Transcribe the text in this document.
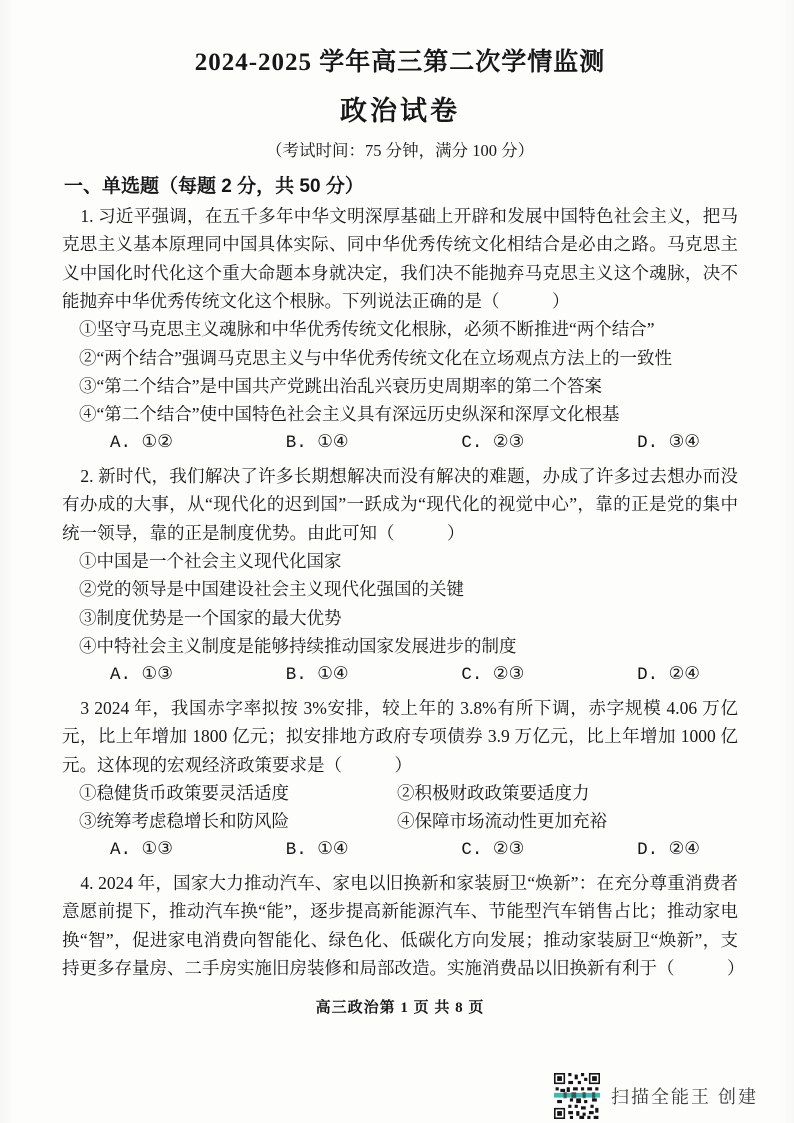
2024-2025 学年高三第二次学情监测
政治试卷

（考试时间：75 分钟，满分 100 分）

一、单选题（每题 2 分，共 50 分）

1. 习近平强调，在五千多年中华文明深厚基础上开辟和发展中国特色社会主义，把马克思主义基本原理同中国具体实际、同中华优秀传统文化相结合是必由之路。马克思主义中国化时代化这个重大命题本身就决定，我们决不能抛弃马克思主义这个魂脉，决不能抛弃中华优秀传统文化这个根脉。下列说法正确的是（　　　）

①坚守马克思主义魂脉和中华优秀传统文化根脉，必须不断推进“两个结合”

②“两个结合”强调马克思主义与中华优秀传统文化在立场观点方法上的一致性

③“第二个结合”是中国共产党跳出治乱兴衰历史周期率的第二个答案

④“第二个结合”使中国特色社会主义具有深远历史纵深和深厚文化根基

A. ①②	B. ①④	C. ②③	D. ③④

2. 新时代，我们解决了许多长期想解决而没有解决的难题，办成了许多过去想办而没有办成的大事，从“现代化的迟到国”一跃成为“现代化的视觉中心”，靠的正是党的集中统一领导，靠的正是制度优势。由此可知（　　　）

①中国是一个社会主义现代化国家

②党的领导是中国建设社会主义现代化强国的关键

③制度优势是一个国家的最大优势

④中特社会主义制度是能够持续推动国家发展进步的制度

A. ①③	B. ①④	C. ②③	D. ②④

3 2024 年，我国赤字率拟按 3%安排，较上年的 3.8%有所下调，赤字规模 4.06 万亿元，比上年增加 1800 亿元；拟安排地方政府专项债券 3.9 万亿元，比上年增加 1000 亿元。这体现的宏观经济政策要求是（　　　）

①稳健货币政策要灵活适度	②积极财政政策要适度力

③统筹考虑稳增长和防风险	④保障市场流动性更加充裕

A. ①③	B. ①④	C. ②③	D. ②④

4. 2024 年，国家大力推动汽车、家电以旧换新和家装厨卫“焕新”：在充分尊重消费者意愿前提下，推动汽车换“能”，逐步提高新能源汽车、节能型汽车销售占比；推动家电换“智”，促进家电消费向智能化、绿色化、低碳化方向发展；推动家装厨卫“焕新”，支持更多存量房、二手房实施旧房装修和局部改造。实施消费品以旧换新有利于（　　　）

高三政治第 1 页 共 8 页

扫描全能王 创建
